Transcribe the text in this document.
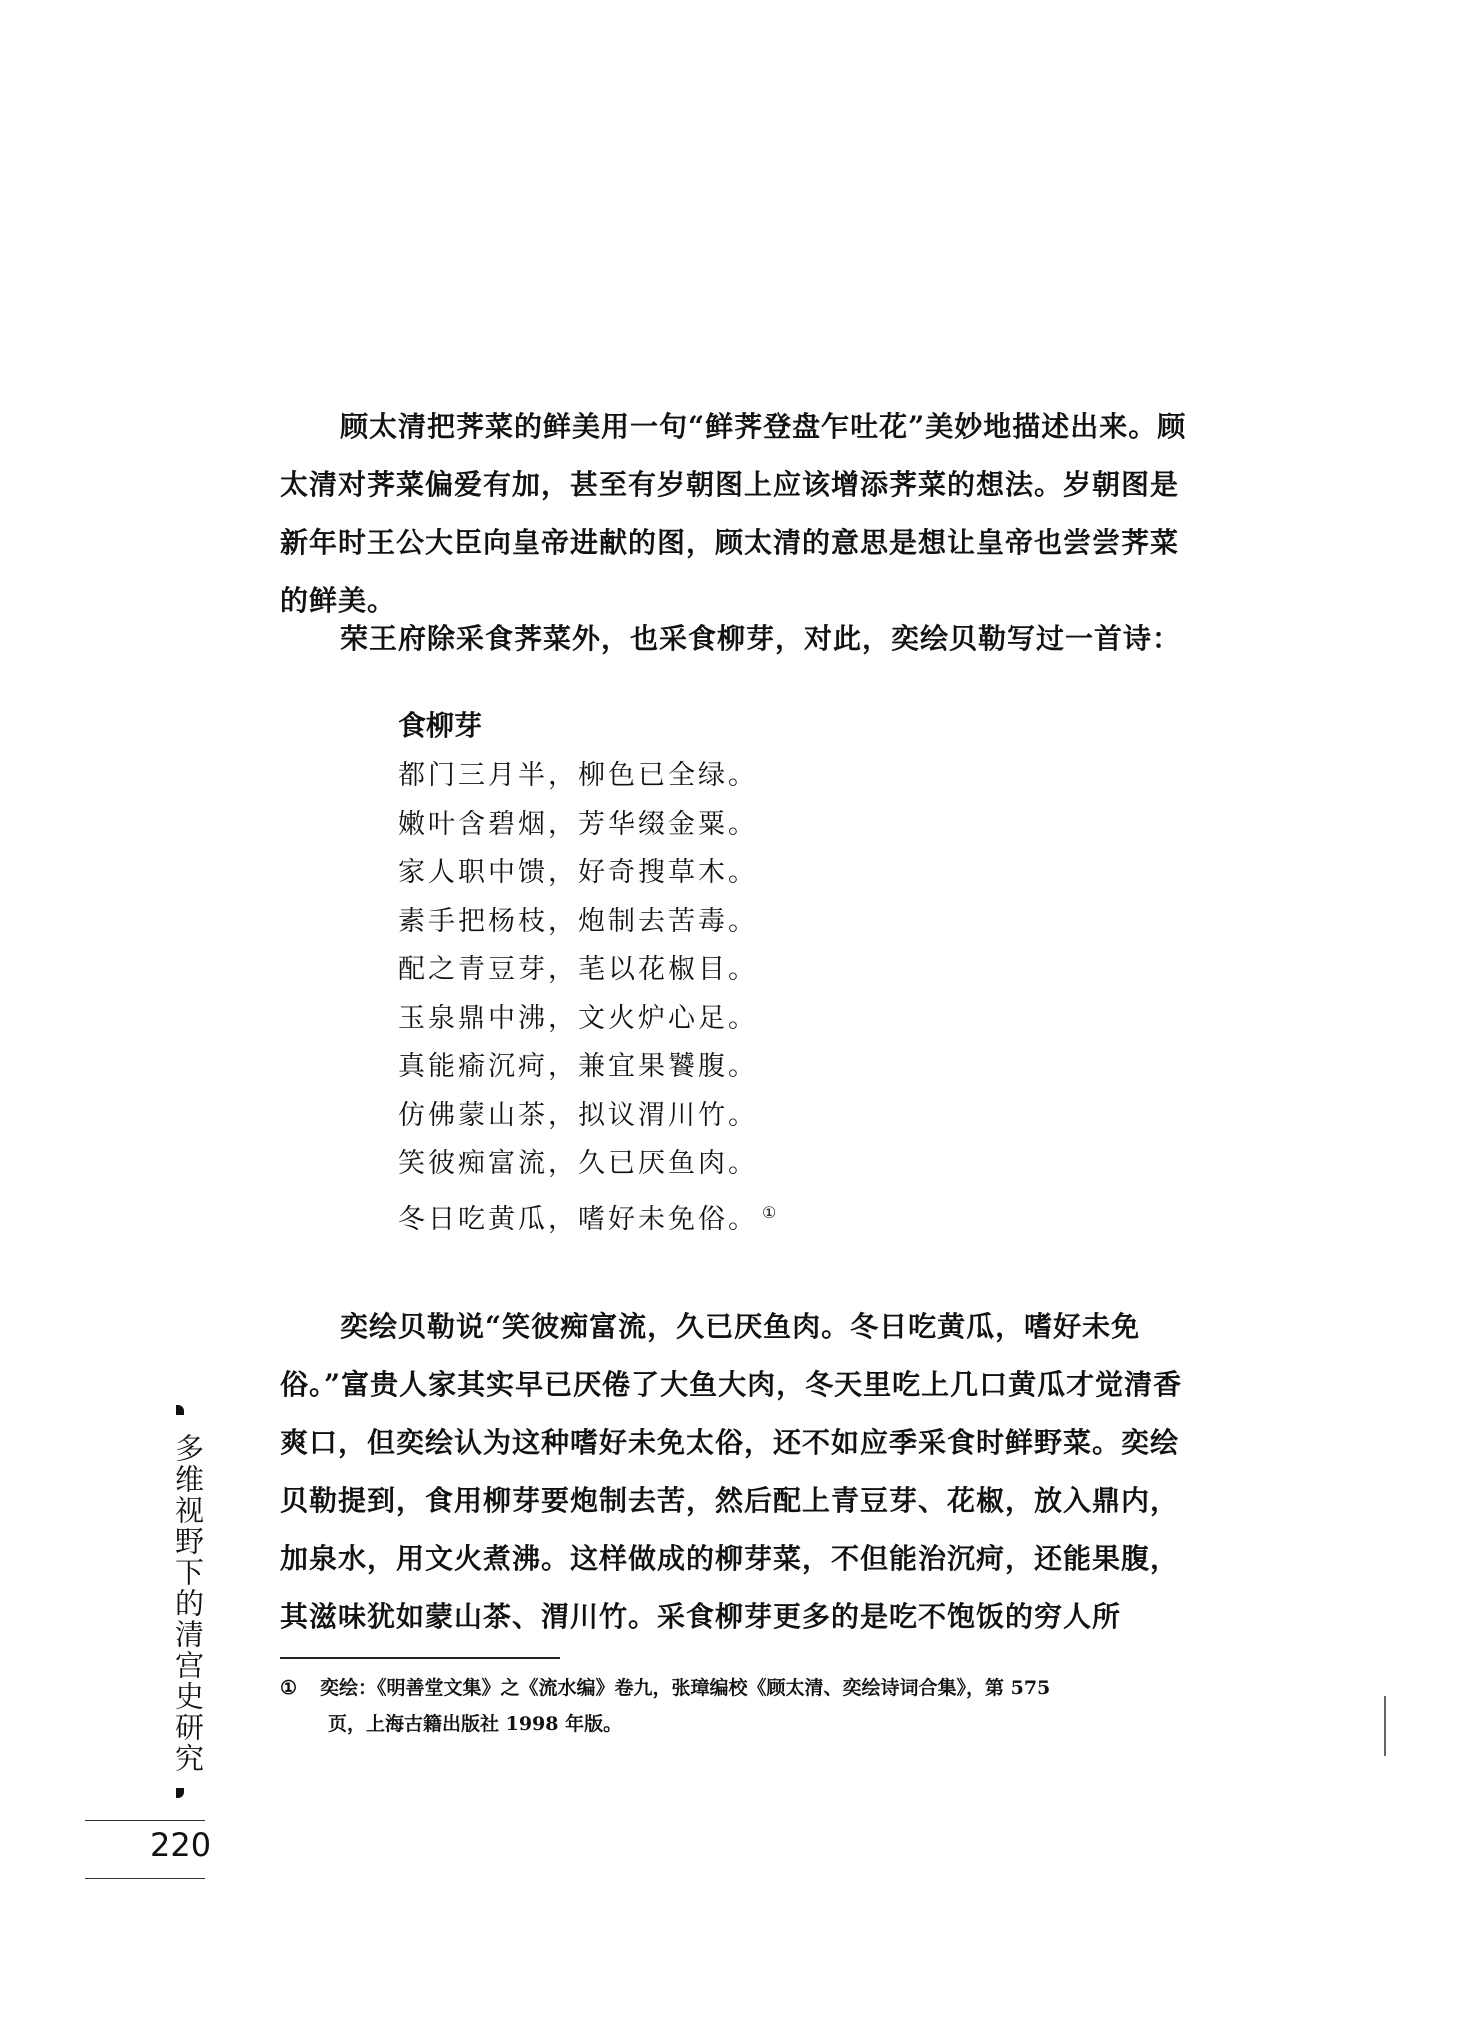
顾太清把荠菜的鲜美用一句“鲜荠登盘乍吐花”美妙地描述出来。顾太清对荠菜偏爱有加，甚至有岁朝图上应该增添荠菜的想法。岁朝图是新年时王公大臣向皇帝进献的图，顾太清的意思是想让皇帝也尝尝荠菜的鲜美。

荣王府除采食荠菜外，也采食柳芽，对此，奕绘贝勒写过一首诗：

食柳芽

都门三月半，柳色已全绿。
嫩叶含碧烟，芳华缀金粟。
家人职中馈，好奇搜草木。
素手把杨枝，炮制去苦毒。
配之青豆芽，芼以花椒目。
玉泉鼎中沸，文火炉心足。
真能瘉沉疴，兼宜果饕腹。
仿佛蒙山茶，拟议渭川竹。
笑彼痴富流，久已厌鱼肉。
冬日吃黄瓜，嗜好未免俗。 ①

奕绘贝勒说“笑彼痴富流，久已厌鱼肉。冬日吃黄瓜，嗜好未免俗。”富贵人家其实早已厌倦了大鱼大肉，冬天里吃上几口黄瓜才觉清香爽口，但奕绘认为这种嗜好未免太俗，还不如应季采食时鲜野菜。奕绘贝勒提到，食用柳芽要炮制去苦，然后配上青豆芽、花椒，放入鼎内，加泉水，用文火煮沸。这样做成的柳芽菜，不但能治沉疴，还能果腹，其滋味犹如蒙山茶、渭川竹。采食柳芽更多的是吃不饱饭的穷人所

① 奕绘：《明善堂文集》之《流水编》卷九，张璋编校《顾太清、奕绘诗词合集》，第 575
页，上海古籍出版社 1998 年版。

多维视野下的清宫史研究
220
